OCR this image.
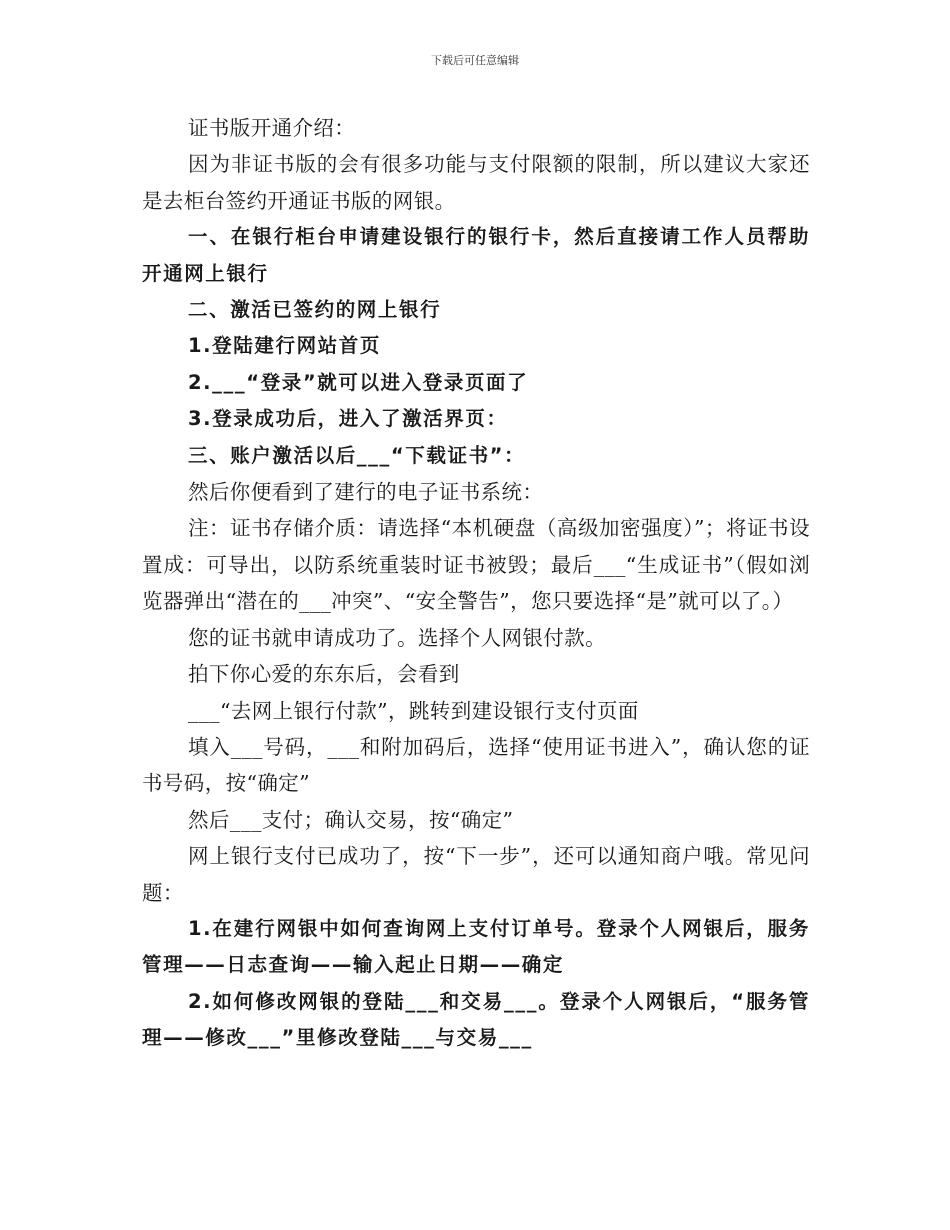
下载后可任意编辑

证书版开通介绍：

因为非证书版的会有很多功能与支付限额的限制，所以建议大家还是去柜台签约开通证书版的网银。

一、在银行柜台申请建设银行的银行卡，然后直接请工作人员帮助开通网上银行

二、激活已签约的网上银行

1.登陆建行网站首页

2.___“登录”就可以进入登录页面了

3.登录成功后，进入了激活界页：

三、账户激活以后___“下载证书”：

然后你便看到了建行的电子证书系统：

注：证书存储介质：请选择“本机硬盘（高级加密强度）”；将证书设置成：可导出，以防系统重装时证书被毁；最后___“生成证书”（假如浏览器弹出“潜在的___冲突”、“安全警告”，您只要选择“是”就可以了。）

您的证书就申请成功了。选择个人网银付款。

拍下你心爱的东东后，会看到

___“去网上银行付款”，跳转到建设银行支付页面

填入___号码，___和附加码后，选择“使用证书进入”，确认您的证书号码，按“确定”

然后___支付；确认交易，按“确定”

网上银行支付已成功了，按“下一步”，还可以通知商户哦。常见问题：

1.在建行网银中如何查询网上支付订单号。登录个人网银后，服务管理——日志查询——输入起止日期——确定

2.如何修改网银的登陆___和交易___。登录个人网银后，“服务管理——修改___”里修改登陆___与交易___
